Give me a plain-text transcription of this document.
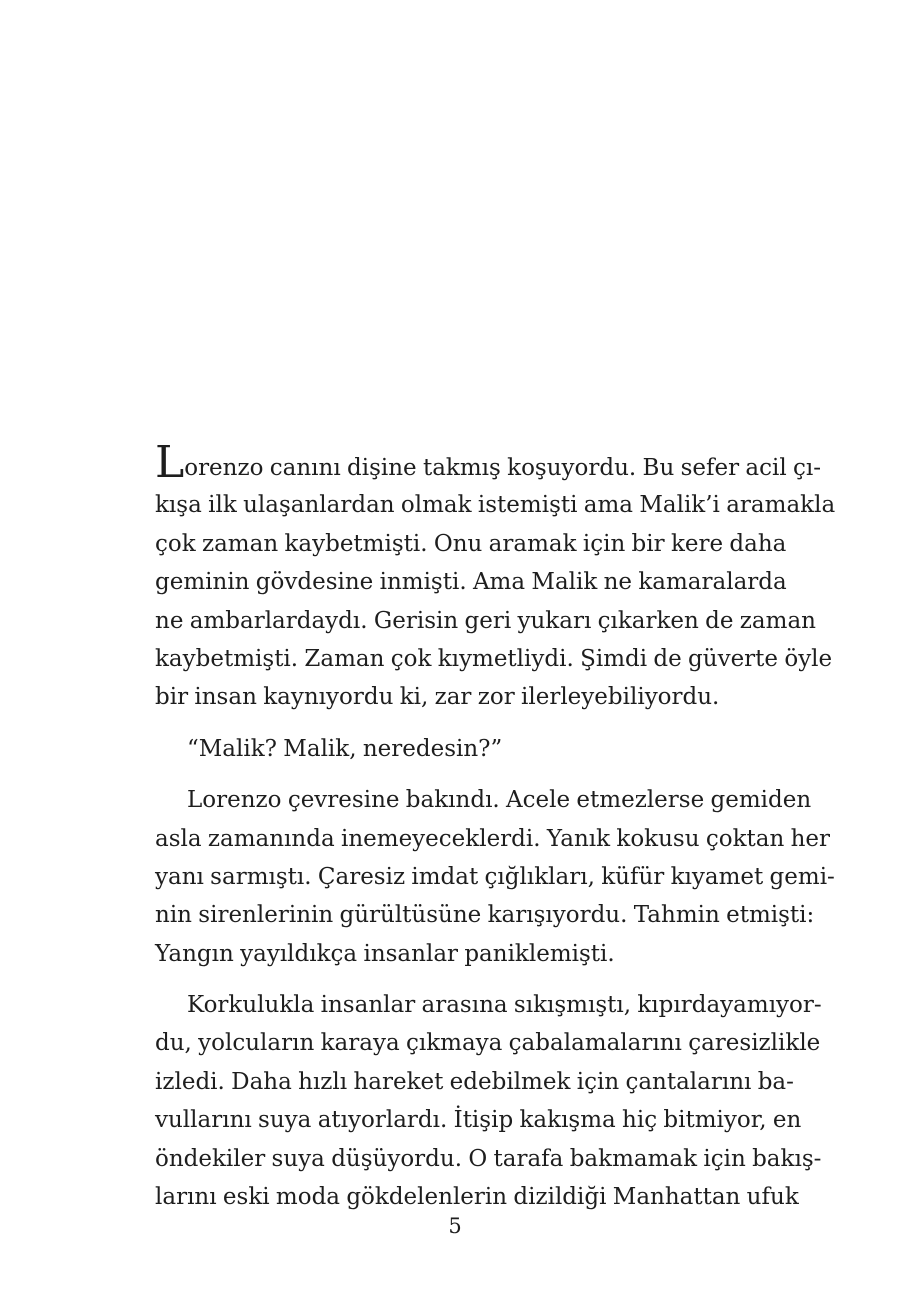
Lorenzo canını dişine takmış koşuyordu. Bu sefer acil çı-
kışa ilk ulaşanlardan olmak istemişti ama Malik’i aramakla
çok zaman kaybetmişti. Onu aramak için bir kere daha
geminin gövdesine inmişti. Ama Malik ne kamaralarda
ne ambarlardaydı. Gerisin geri yukarı çıkarken de zaman
kaybetmişti. Zaman çok kıymetliydi. Şimdi de güverte öyle
bir insan kaynıyordu ki, zar zor ilerleyebiliyordu.
“Malik? Malik, neredesin?”
Lorenzo çevresine bakındı. Acele etmezlerse gemiden
asla zamanında inemeyeceklerdi. Yanık kokusu çoktan her
yanı sarmıştı. Çaresiz imdat çığlıkları, küfür kıyamet gemi-
nin sirenlerinin gürültüsüne karışıyordu. Tahmin etmişti:
Yangın yayıldıkça insanlar paniklemişti.
Korkulukla insanlar arasına sıkışmıştı, kıpırdayamıyor-
du, yolcuların karaya çıkmaya çabalamalarını çaresizlikle
izledi. Daha hızlı hareket edebilmek için çantalarını ba-
vullarını suya atıyorlardı. İtişip kakışma hiç bitmiyor, en
öndekiler suya düşüyordu. O tarafa bakmamak için bakış-
larını eski moda gökdelenlerin dizildiği Manhattan ufuk
5
